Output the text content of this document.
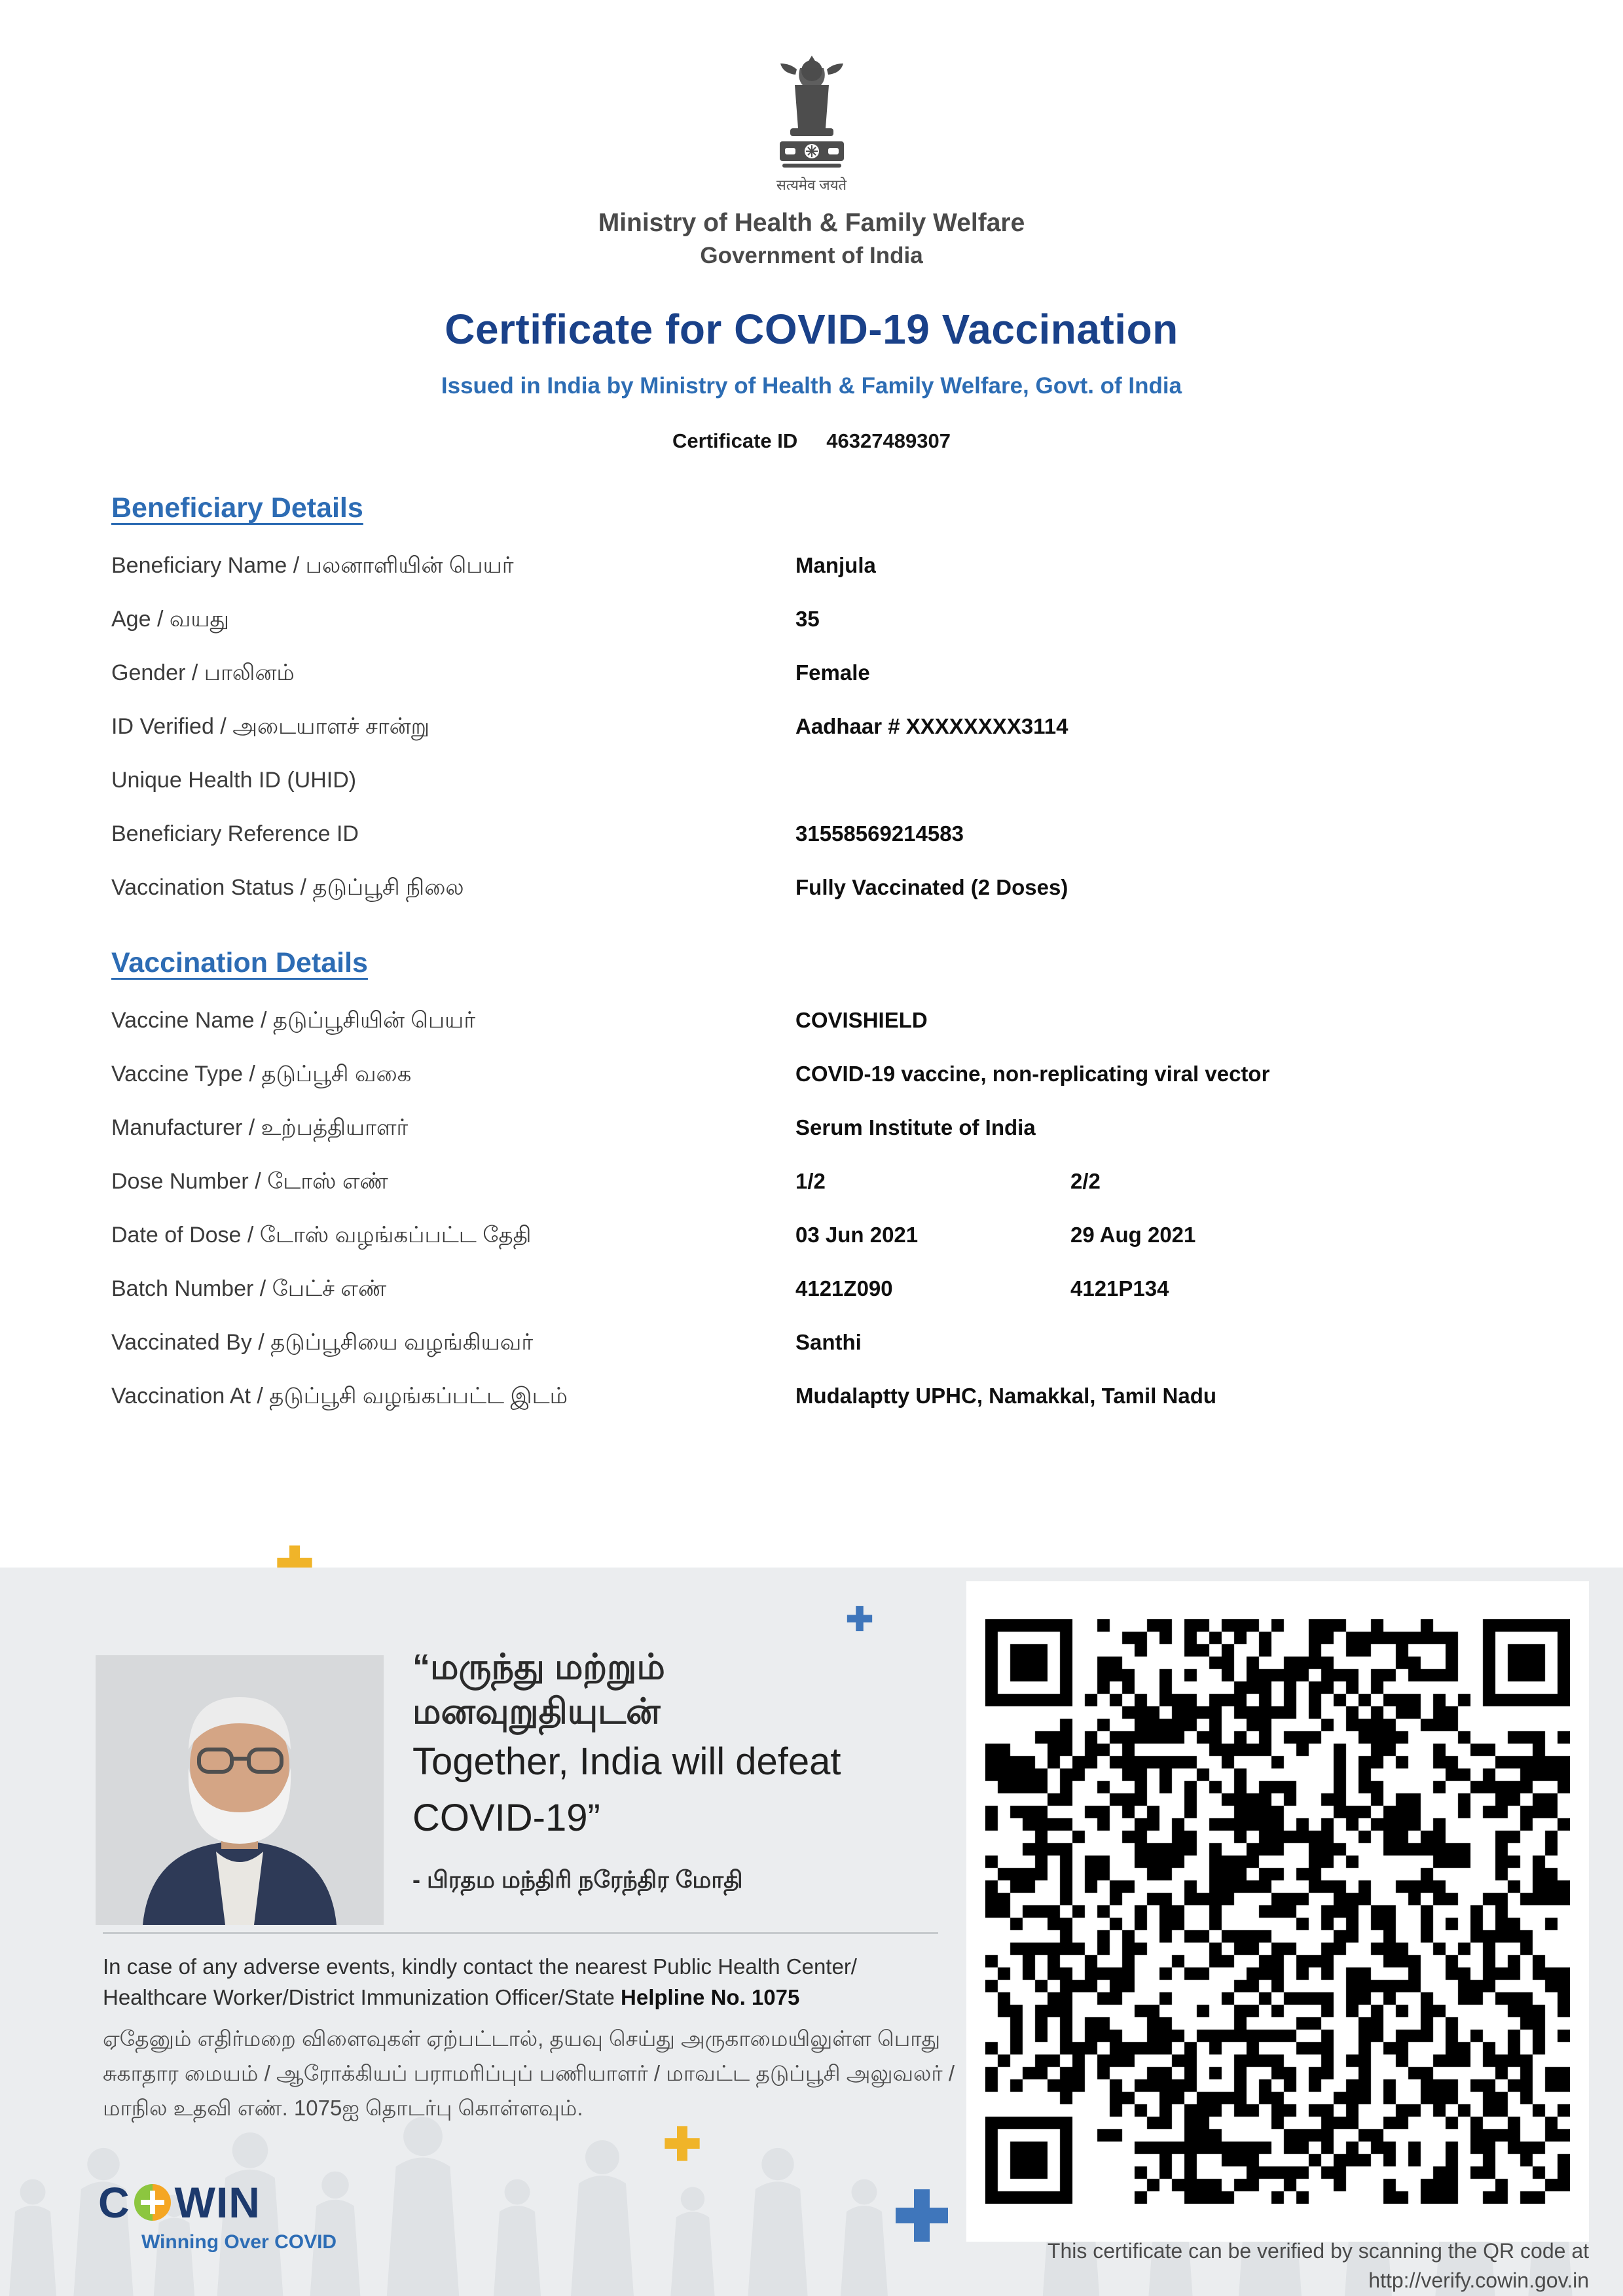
सत्यमेव जयते
Ministry of Health & Family Welfare
Government of India
Certificate for COVID-19 Vaccination
Issued in India by Ministry of Health & Family Welfare, Govt. of India
Certificate ID 46327489307
Beneficiary Details
Beneficiary Name / பலனாளியின் பெயர்	Manjula
Age / வயது	35
Gender / பாலினம்	Female
ID Verified / அடையாளச் சான்று	Aadhaar # XXXXXXXX3114
Unique Health ID (UHID)
Beneficiary Reference ID	31558569214583
Vaccination Status / தடுப்பூசி நிலை	Fully Vaccinated (2 Doses)
Vaccination Details
Vaccine Name / தடுப்பூசியின் பெயர்	COVISHIELD
Vaccine Type / தடுப்பூசி வகை	COVID-19 vaccine, non-replicating viral vector
Manufacturer / உற்பத்தியாளர்	Serum Institute of India
Dose Number / டோஸ் எண்	1/2	2/2
Date of Dose / டோஸ் வழங்கப்பட்ட தேதி	03 Jun 2021	29 Aug 2021
Batch Number / பேட்ச் எண்	4121Z090	4121P134
Vaccinated By / தடுப்பூசியை வழங்கியவர்	Santhi
Vaccination At / தடுப்பூசி வழங்கப்பட்ட இடம்	Mudalaptty UPHC, Namakkal, Tamil Nadu
“மருந்து மற்றும்
மனவுறுதியுடன்
Together, India will defeat
COVID-19”
- பிரதம மந்திரி நரேந்திர மோதி
In case of any adverse events, kindly contact the nearest Public Health Center/
Healthcare Worker/District Immunization Officer/State Helpline No. 1075
ஏதேனும் எதிர்மறை விளைவுகள் ஏற்பட்டால், தயவு செய்து அருகாமையிலுள்ள பொது சுகாதார மையம் / ஆரோக்கியப் பராமரிப்புப் பணியாளர் / மாவட்ட தடுப்பூசி அலுவலர் / மாநில உதவி எண். 1075ஐ தொடர்பு கொள்ளவும்.
C WIN
Winning Over COVID	This certificate can be verified by scanning the QR code at
http://verify.cowin.gov.in
